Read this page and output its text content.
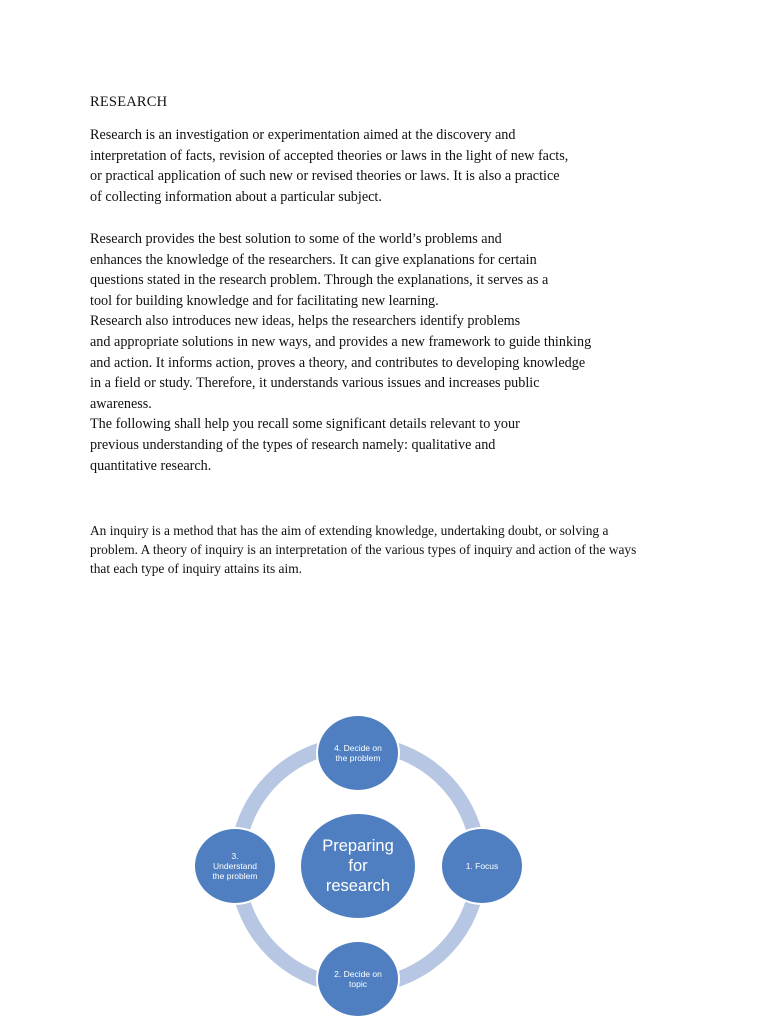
RESEARCH
Research is an investigation or experimentation aimed at the discovery and
interpretation of facts, revision of accepted theories or laws in the light of new facts,
or practical application of such new or revised theories or laws. It is also a practice
of collecting information about a particular subject.
Research provides the best solution to some of the world’s problems and
enhances the knowledge of the researchers. It can give explanations for certain
questions stated in the research problem. Through the explanations, it serves as a
tool for building knowledge and for facilitating new learning.
Research also introduces new ideas, helps the researchers identify problems
and appropriate solutions in new ways, and provides a new framework to guide thinking
and action. It informs action, proves a theory, and contributes to developing knowledge
in a field or study. Therefore, it understands various issues and increases public
awareness.
The following shall help you recall some significant details relevant to your
previous understanding of the types of research namely: qualitative and
quantitative research.
An inquiry is a method that has the aim of extending knowledge, undertaking doubt, or solving a
problem. A theory of inquiry is an interpretation of the various types of inquiry and action of the ways
that each type of inquiry attains its aim.
4. Decide on
the problem
1. Focus
2. Decide on
topic
3.
Understand
the problem
Preparing
for
research
